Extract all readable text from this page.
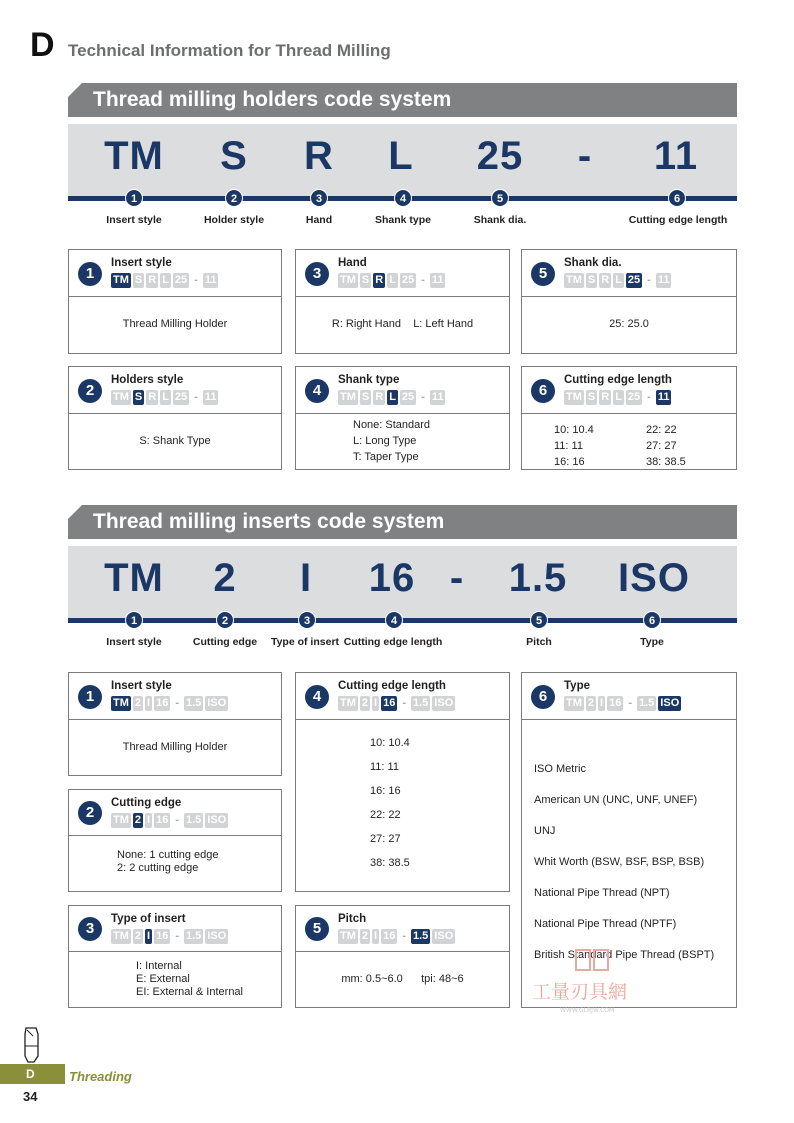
D Technical Information for Thread Milling
Thread milling holders code system
TM S R L 25 - 11
1
Insert style
2
Holder style
3
Hand
4
Shank type
5
Shank dia.
6
Cutting edge length
1
Insert style
TM S R L 25 - 11
Thread Milling Holder
2
Holders style
TM S R L 25 - 11
S: Shank Type
3
Hand
TM S R L 25 - 11
R: Right Hand    L: Left Hand
4
Shank type
TM S R L 25 - 11
None: Standard
L: Long Type
T: Taper Type
5
Shank dia.
TM S R L 25 - 11
25: 25.0
6
Cutting edge length
TM S R L 25 - 11
10: 10.4
11: 11
16: 16
22: 22
27: 27
38: 38.5
Thread milling inserts code system
TM 2 I 16 - 1.5 ISO
1
Insert style
2
Cutting edge
3
Type of insert
4
Cutting edge length
5
Pitch
6
Type
1
Insert style
TM 2 I 16 - 1.5 ISO
Thread Milling Holder
2
Cutting edge
TM 2 I 16 - 1.5 ISO
None: 1 cutting edge
2: 2 cutting edge
3
Type of insert
TM 2 I 16 - 1.5 ISO
I: Internal
E: External
EI: External & Internal
4
Cutting edge length
TM 2 I 16 - 1.5 ISO
10: 10.4
11: 11
16: 16
22: 22
27: 27
38: 38.5
5
Pitch
TM 2 I 16 - 1.5 ISO
mm: 0.5~6.0      tpi: 48~6
6
Type
TM 2 I 16 - 1.5 ISO
ISO Metric
American UN (UNC, UNF, UNEF)
UNJ
Whit Worth (BSW, BSF, BSP, BSB)
National Pipe Thread (NPT)
National Pipe Thread (NPTF)
British Standard Pipe Thread (BSPT)
工量刃具網
WWW.GLRJW.COM
D	Threading
34
